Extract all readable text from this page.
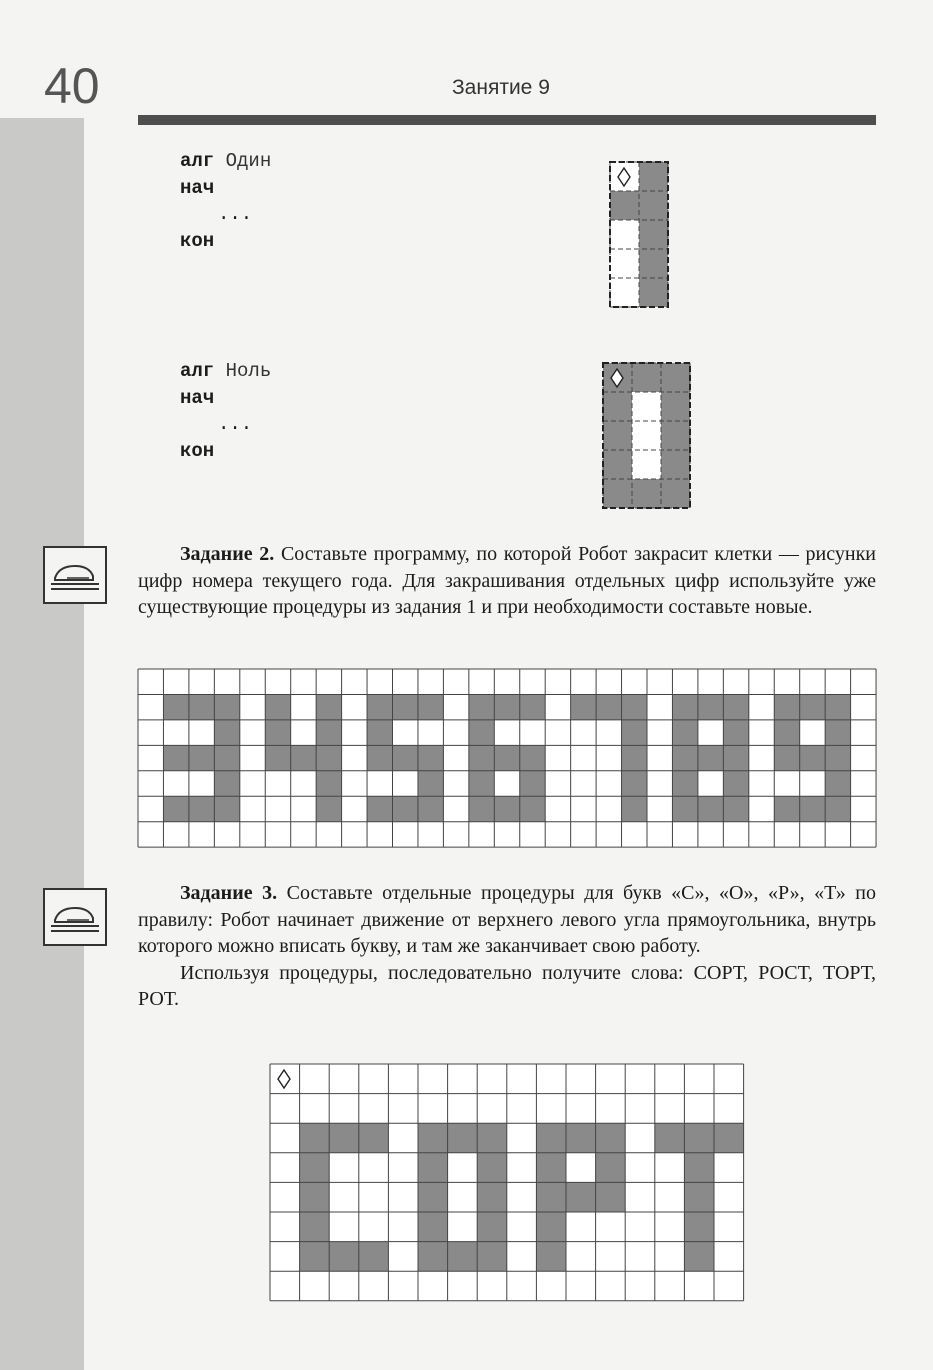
40	Занятие 9
алг Один
нач
...
кон
алг Ноль
нач
...
кон

Задание 2. Составьте программу, по которой Робот закрасит клетки — рисунки цифр номера текущего года. Для закрашивания отдельных цифр используйте уже существующие процедуры из задания 1 и при необходимости составьте новые.

Задание 3. Составьте отдельные процедуры для букв «С», «О», «Р», «Т» по правилу: Робот начинает движение от верхнего левого угла прямоугольника, внутрь которого можно вписать букву, и там же заканчивает свою работу.

Используя процедуры, последовательно получите слова: СОРТ, РОСТ, ТОРТ, РОТ.
